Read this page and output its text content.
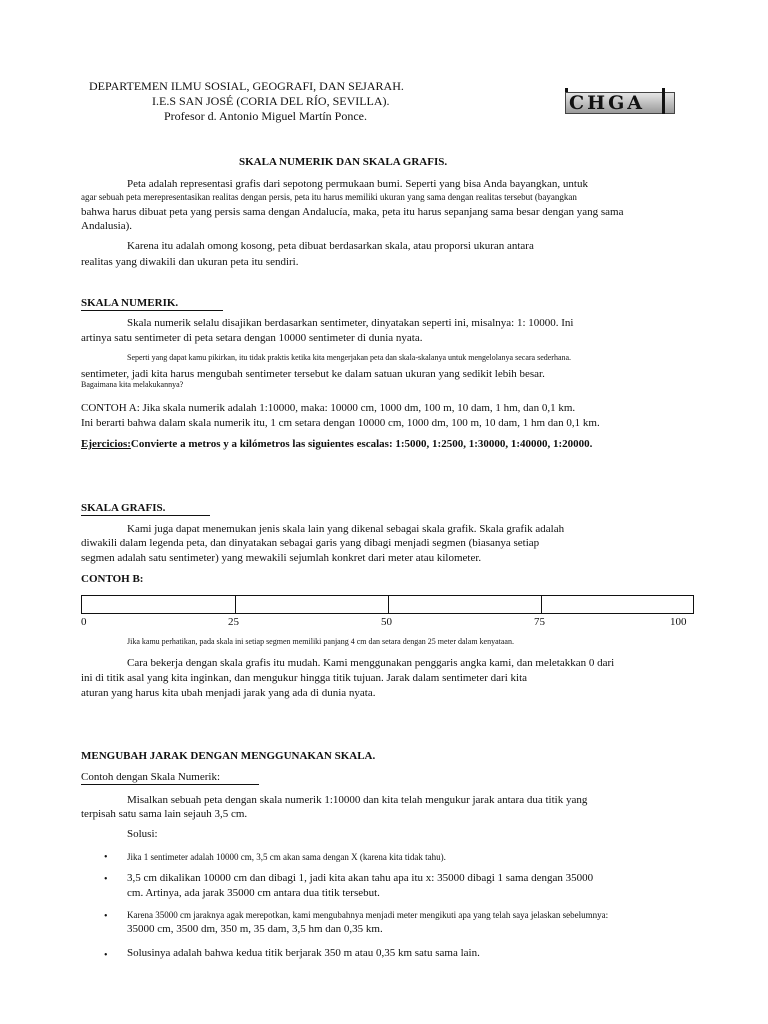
DEPARTEMEN ILMU SOSIAL, GEOGRAFI, DAN SEJARAH.
I.E.S SAN JOSÉ (CORIA DEL RÍO, SEVILLA).
Profesor d. Antonio Miguel Martín Ponce.
CHGA
SKALA NUMERIK DAN SKALA GRAFIS.
Peta adalah representasi grafis dari sepotong permukaan bumi. Seperti yang bisa Anda bayangkan, untuk
agar sebuah peta merepresentasikan realitas dengan persis, peta itu harus memiliki ukuran yang sama dengan realitas tersebut (bayangkan
bahwa harus dibuat peta yang persis sama dengan Andalucía, maka, peta itu harus sepanjang sama besar dengan yang sama
Andalusia).
Karena itu adalah omong kosong, peta dibuat berdasarkan skala, atau proporsi ukuran antara
realitas yang diwakili dan ukuran peta itu sendiri.
SKALA NUMERIK.
Skala numerik selalu disajikan berdasarkan sentimeter, dinyatakan seperti ini, misalnya: 1: 10000. Ini
artinya satu sentimeter di peta setara dengan 10000 sentimeter di dunia nyata.
Seperti yang dapat kamu pikirkan, itu tidak praktis ketika kita mengerjakan peta dan skala-skalanya untuk mengelolanya secara sederhana.
sentimeter, jadi kita harus mengubah sentimeter tersebut ke dalam satuan ukuran yang sedikit lebih besar.
Bagaimana kita melakukannya?
CONTOH A: Jika skala numerik adalah 1:10000, maka: 10000 cm, 1000 dm, 100 m, 10 dam, 1 hm, dan 0,1 km.
Ini berarti bahwa dalam skala numerik itu, 1 cm setara dengan 10000 cm, 1000 dm, 100 m, 10 dam, 1 hm dan 0,1 km.
Ejercicios:Convierte a metros y a kilómetros las siguientes escalas: 1:5000, 1:2500, 1:30000, 1:40000, 1:20000.
SKALA GRAFIS.
Kami juga dapat menemukan jenis skala lain yang dikenal sebagai skala grafik. Skala grafik adalah
diwakili dalam legenda peta, dan dinyatakan sebagai garis yang dibagi menjadi segmen (biasanya setiap
segmen adalah satu sentimeter) yang mewakili sejumlah konkret dari meter atau kilometer.
CONTOH B:
0	25	50	75	100
Jika kamu perhatikan, pada skala ini setiap segmen memiliki panjang 4 cm dan setara dengan 25 meter dalam kenyataan.
Cara bekerja dengan skala grafis itu mudah. Kami menggunakan penggaris angka kami, dan meletakkan 0 dari
ini di titik asal yang kita inginkan, dan mengukur hingga titik tujuan. Jarak dalam sentimeter dari kita
aturan yang harus kita ubah menjadi jarak yang ada di dunia nyata.
MENGUBAH JARAK DENGAN MENGGUNAKAN SKALA.
Contoh dengan Skala Numerik:
Misalkan sebuah peta dengan skala numerik 1:10000 dan kita telah mengukur jarak antara dua titik yang
terpisah satu sama lain sejauh 3,5 cm.
Solusi:
• Jika 1 sentimeter adalah 10000 cm, 3,5 cm akan sama dengan X (karena kita tidak tahu).
• 3,5 cm dikalikan 10000 cm dan dibagi 1, jadi kita akan tahu apa itu x: 35000 dibagi 1 sama dengan 35000
cm. Artinya, ada jarak 35000 cm antara dua titik tersebut.
• Karena 35000 cm jaraknya agak merepotkan, kami mengubahnya menjadi meter mengikuti apa yang telah saya jelaskan sebelumnya:
35000 cm, 3500 dm, 350 m, 35 dam, 3,5 hm dan 0,35 km.
• Solusinya adalah bahwa kedua titik berjarak 350 m atau 0,35 km satu sama lain.
